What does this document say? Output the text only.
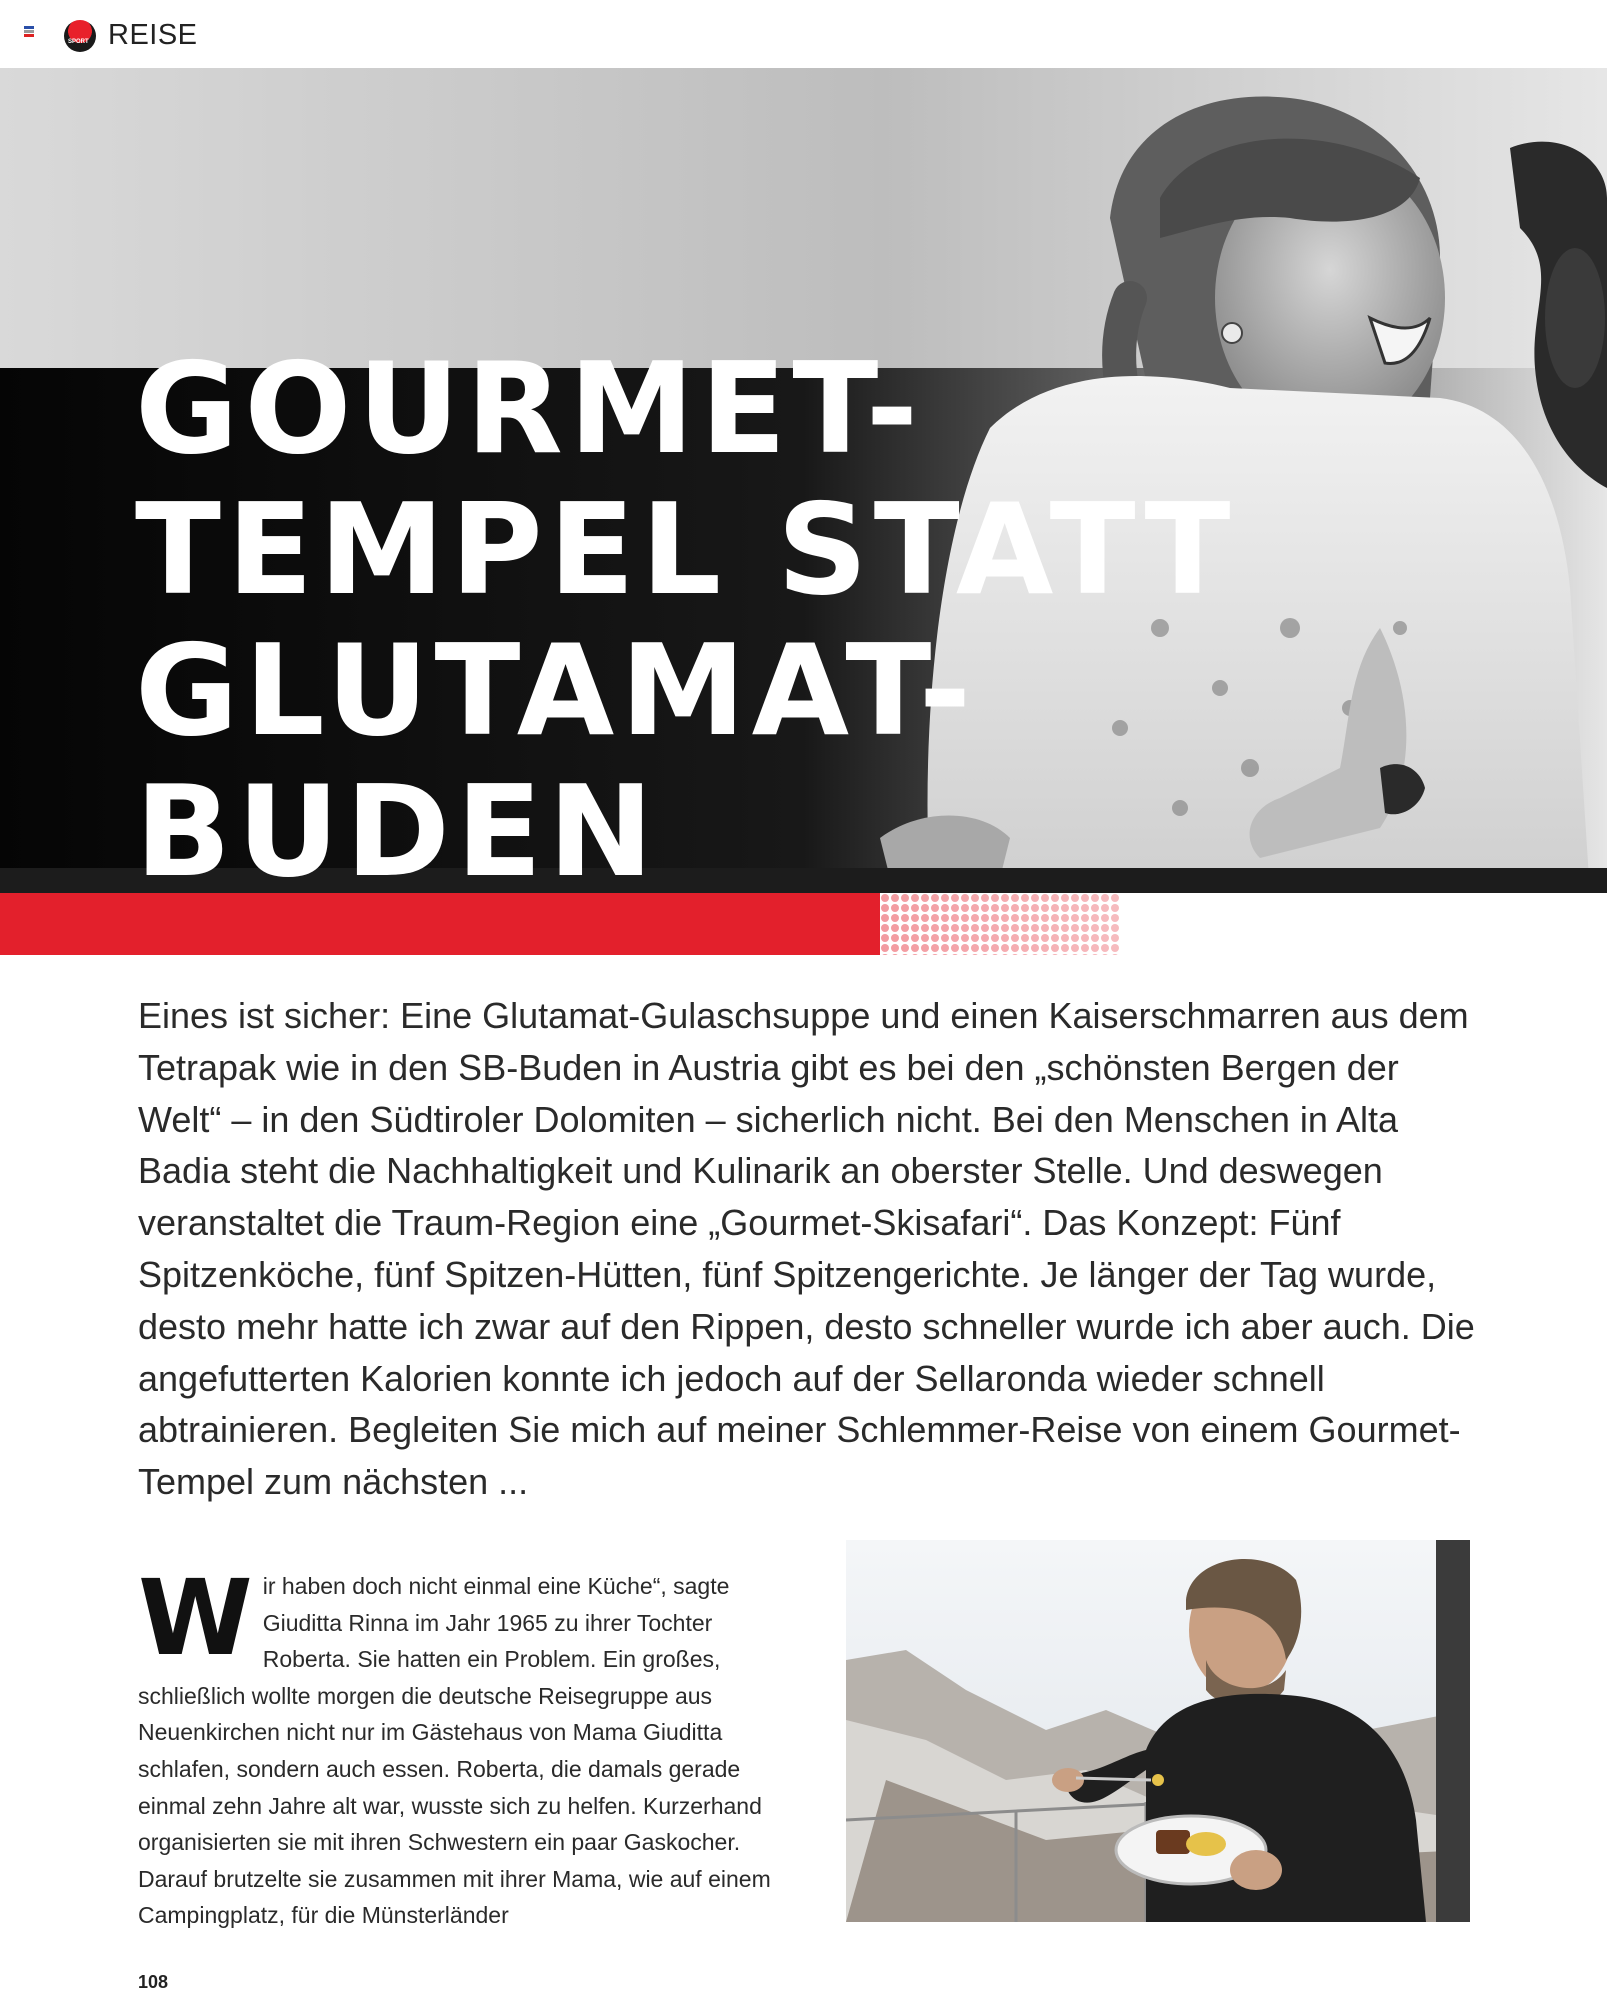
SPORT REISE
GOURMET-
TEMPEL STATT
GLUTAMAT-
BUDEN

Eines ist sicher: Eine Glutamat-Gulaschsuppe und einen Kaiserschmarren aus dem Tetrapak wie in den SB-Buden in Austria gibt es bei den „schönsten Bergen der Welt“ – in den Südtiroler Dolomiten – sicherlich nicht. Bei den Menschen in Alta Badia steht die Nachhaltigkeit und Kulinarik an oberster Stelle. Und deswegen veranstaltet die Traum-Region eine „Gourmet-Skisafari“. Das Konzept: Fünf Spitzenköche, fünf Spitzen-Hütten, fünf Spitzengerichte. Je länger der Tag wurde, desto mehr hatte ich zwar auf den Rippen, desto schneller wurde ich aber auch. Die angefutterten Kalorien konnte ich jedoch auf der Sellaronda wieder schnell abtrainieren. Begleiten Sie mich auf meiner Schlemmer-Reise von einem Gourmet-Tempel zum nächsten ...

W ir haben doch nicht einmal eine Küche“, sagte Giuditta Rinna im Jahr 1965 zu ihrer Tochter Roberta. Sie hatten ein Problem. Ein großes, schließlich wollte morgen die deutsche Reisegruppe aus Neuenkirchen nicht nur im Gästehaus von Mama Giuditta schlafen, sondern auch essen. Roberta, die damals gerade einmal zehn Jahre alt war, wusste sich zu helfen. Kurzerhand organisierten sie mit ihren Schwestern ein paar Gaskocher. Darauf brutzelte sie zusammen mit ihrer Mama, wie auf einem Campingplatz, für die Münsterländer
108
